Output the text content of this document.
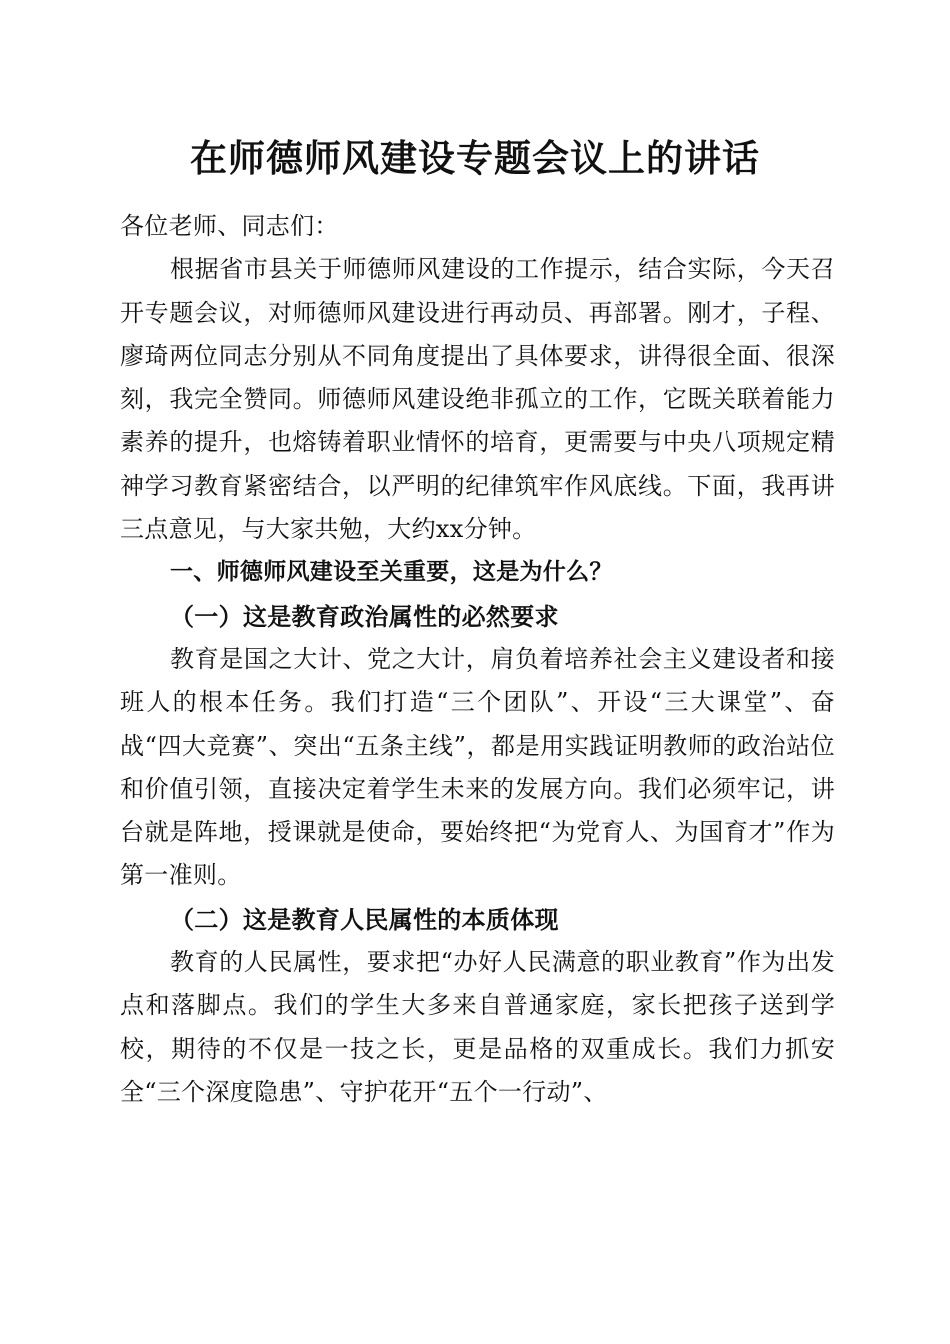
在师德师风建设专题会议上的讲话

各位老师、同志们：

根据省市县关于师德师风建设的工作提示，结合实际，今天召开专题会议，对师德师风建设进行再动员、再部署。刚才，子程、廖琦两位同志分别从不同角度提出了具体要求，讲得很全面、很深刻，我完全赞同。师德师风建设绝非孤立的工作，它既关联着能力素养的提升，也熔铸着职业情怀的培育，更需要与中央八项规定精神学习教育紧密结合，以严明的纪律筑牢作风底线。下面，我再讲三点意见，与大家共勉，大约xx分钟。

一、师德师风建设至关重要，这是为什么？

（一）这是教育政治属性的必然要求

教育是国之大计、党之大计，肩负着培养社会主义建设者和接班人的根本任务。我们打造“三个团队”、开设“三大课堂”、奋战“四大竞赛”、突出“五条主线”，都是用实践证明教师的政治站位和价值引领，直接决定着学生未来的发展方向。我们必须牢记，讲台就是阵地，授课就是使命，要始终把“为党育人、为国育才”作为第一准则。

（二）这是教育人民属性的本质体现

教育的人民属性，要求把“办好人民满意的职业教育”作为出发点和落脚点。我们的学生大多来自普通家庭，家长把孩子送到学校，期待的不仅是一技之长，更是品格的双重成长。我们力抓安全“三个深度隐患”、守护花开“五个一行动”、
